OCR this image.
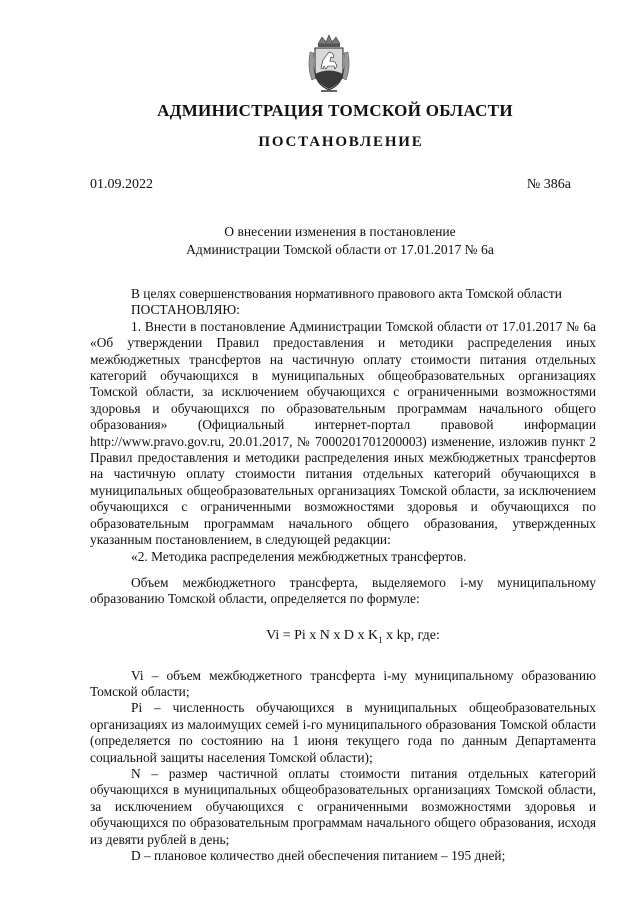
АДМИНИСТРАЦИЯ ТОМСКОЙ ОБЛАСТИ
ПОСТАНОВЛЕНИЕ
01.09.2022	№ 386а
О внесении изменения в постановление
Администрации Томской области от 17.01.2017 № 6а

В целях совершенствования нормативного правового акта Томской области

ПОСТАНОВЛЯЮ:

1. Внести в постановление Администрации Томской области от 17.01.2017 № 6а «Об утверждении Правил предоставления и методики распределения иных межбюджетных трансфертов на частичную оплату стоимости питания отдельных категорий обучающихся в муниципальных общеобразовательных организациях Томской области, за исключением обучающихся с ограниченными возможностями здоровья и обучающихся по образовательным программам начального общего образования» (Официальный интернет-портал правовой информации http://www.pravo.gov.ru, 20.01.2017, № 7000201701200003) изменение, изложив пункт 2 Правил предоставления и методики распределения иных межбюджетных трансфертов на частичную оплату стоимости питания отдельных категорий обучающихся в муниципальных общеобразовательных организациях Томской области, за исключением обучающихся с ограниченными возможностями здоровья и обучающихся по образовательным программам начального общего образования, утвержденных указанным постановлением, в следующей редакции:

«2. Методика распределения межбюджетных трансфертов.

Объем межбюджетного трансферта, выделяемого i-му муниципальному образованию Томской области, определяется по формуле:

Vi = Pi x N x D x $K_1$ x kp, где:

Vi – объем межбюджетного трансферта i-му муниципальному образованию Томской области;

Pi – численность обучающихся в муниципальных общеобразовательных организациях из малоимущих семей i-го муниципального образования Томской области (определяется по состоянию на 1 июня текущего года по данным Департамента социальной защиты населения Томской области);

N – размер частичной оплаты стоимости питания отдельных категорий обучающихся в муниципальных общеобразовательных организациях Томской области, за исключением обучающихся с ограниченными возможностями здоровья и обучающихся по образовательным программам начального общего образования, исходя из девяти рублей в день;

D – плановое количество дней обеспечения питанием – 195 дней;
